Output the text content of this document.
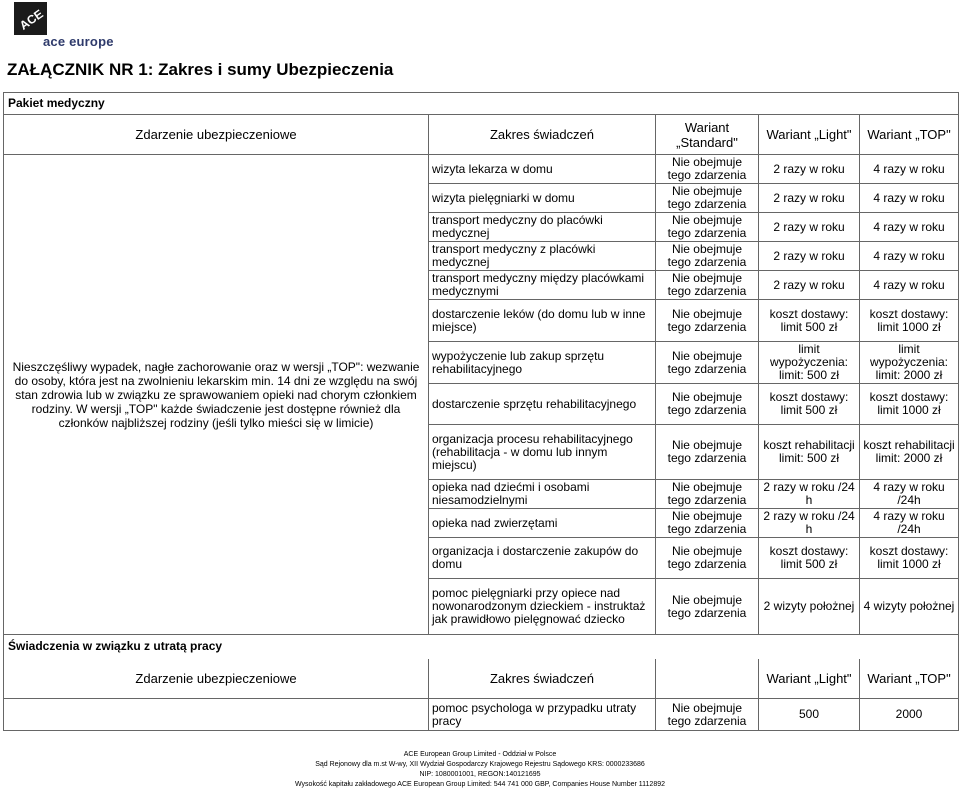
ACE
ace europe
ZAŁĄCZNIK NR 1: Zakres i sumy Ubezpieczenia
Pakiet medyczny				
Zdarzenie ubezpieczeniowe	Zakres świadczeń	Wariant „Standard"	Wariant „Light"	Wariant „TOP"
Nieszczęśliwy wypadek, nagłe zachorowanie oraz w wersji „TOP": wezwanie do osoby, która jest na zwolnieniu lekarskim min. 14 dni ze względu na swój stan zdrowia lub w związku ze sprawowaniem opieki nad chorym członkiem rodziny. W wersji „TOP" każde świadczenie jest dostępne również dla członków najbliższej rodziny (jeśli tylko mieści się w limicie)	wizyta lekarza w domu	Nie obejmuje tego zdarzenia	2 razy w roku	4 razy w roku
	wizyta pielęgniarki w domu	Nie obejmuje tego zdarzenia	2 razy w roku	4 razy w roku
	transport medyczny do placówki medycznej	Nie obejmuje tego zdarzenia	2 razy w roku	4 razy w roku
	transport medyczny z placówki medycznej	Nie obejmuje tego zdarzenia	2 razy w roku	4 razy w roku
	transport medyczny między placówkami medycznymi	Nie obejmuje tego zdarzenia	2 razy w roku	4 razy w roku
	dostarczenie leków (do domu lub w inne miejsce)	Nie obejmuje tego zdarzenia	koszt dostawy: limit 500 zł	koszt dostawy: limit 1000 zł
	wypożyczenie lub zakup sprzętu rehabilitacyjnego	Nie obejmuje tego zdarzenia	limit wypożyczenia: limit: 500 zł	limit wypożyczenia: limit: 2000 zł
	dostarczenie sprzętu rehabilitacyjnego	Nie obejmuje tego zdarzenia	koszt dostawy: limit 500 zł	koszt dostawy: limit 1000 zł
	organizacja procesu rehabilitacyjnego (rehabilitacja - w domu lub innym miejscu)	Nie obejmuje tego zdarzenia	koszt rehabilitacji limit: 500 zł	koszt rehabilitacji limit: 2000 zł
	opieka nad dziećmi i osobami niesamodzielnymi	Nie obejmuje tego zdarzenia	2 razy w roku /24 h	4 razy w roku /24h
	opieka nad zwierzętami	Nie obejmuje tego zdarzenia	2 razy w roku /24 h	4 razy w roku /24h
	organizacja i dostarczenie zakupów do domu	Nie obejmuje tego zdarzenia	koszt dostawy: limit 500 zł	koszt dostawy: limit 1000 zł
	pomoc pielęgniarki przy opiece nad nowonarodzonym dzieckiem - instruktaż jak prawidłowo pielęgnować dziecko	Nie obejmuje tego zdarzenia	2 wizyty położnej	4 wizyty położnej
Świadczenia w związku z utratą pracy				
Zdarzenie ubezpieczeniowe	Zakres świadczeń		Wariant „Light"	Wariant „TOP"
	pomoc psychologa w przypadku utraty pracy	Nie obejmuje tego zdarzenia	500	2000
ACE European Group Limited - Oddział w Polsce
Sąd Rejonowy dla m.st W-wy, XII Wydział Gospodarczy Krajowego Rejestru Sądowego KRS: 0000233686
NIP: 1080001001, REGON:140121695
Wysokość kapitału zakładowego ACE European Group Limited: 544 741 000 GBP, Companies House Number 1112892
